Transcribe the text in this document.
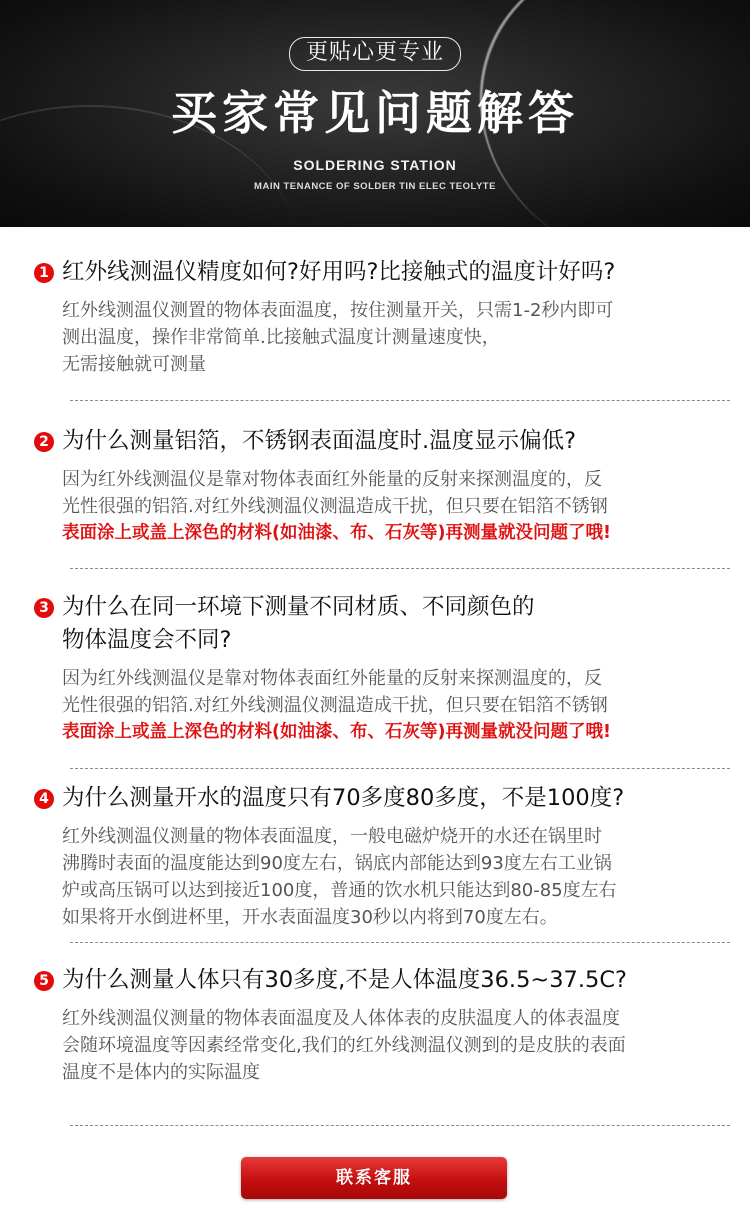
更贴心更专业
买家常见问题解答
SOLDERING STATION
MAIN TENANCE OF SOLDER TIN ELEC TEOLYTE
1 红外线测温仪精度如何?好用吗?比接触式的温度计好吗?
红外线测温仪测置的物体表面温度，按住测量开关，只需1-2秒内即可
测出温度，操作非常简单.比接触式温度计测量速度快，
无需接触就可测量
2 为什么测量铝箔，不锈钢表面温度时.温度显示偏低?
因为红外线测温仪是靠对物体表面红外能量的反射来探测温度的，反
光性很强的铝箔.对红外线测温仪测温造成干扰，但只要在铝箔不锈钢
表面涂上或盖上深色的材料(如油漆、布、石灰等)再测量就没问题了哦!
3 为什么在同一环境下测量不同材质、不同颜色的
物体温度会不同?
因为红外线测温仪是靠对物体表面红外能量的反射来探测温度的，反
光性很强的铝箔.对红外线测温仪测温造成干扰，但只要在铝箔不锈钢
表面涂上或盖上深色的材料(如油漆、布、石灰等)再测量就没问题了哦!
4 为什么测量开水的温度只有70多度80多度，不是100度?
红外线测温仪测量的物体表面温度，一般电磁炉烧开的水还在锅里时
沸腾时表面的温度能达到90度左右，锅底内部能达到93度左右工业锅
炉或高压锅可以达到接近100度，普通的饮水机只能达到80-85度左右
如果将开水倒进杯里，开水表面温度30秒以内将到70度左右。
5 为什么测量人体只有30多度,不是人体温度36.5~37.5C?
红外线测温仪测量的物体表面温度及人体体表的皮肤温度人的体表温度
会随环境温度等因素经常变化,我们的红外线测温仪测到的是皮肤的表面
温度不是体内的实际温度
联系客服
